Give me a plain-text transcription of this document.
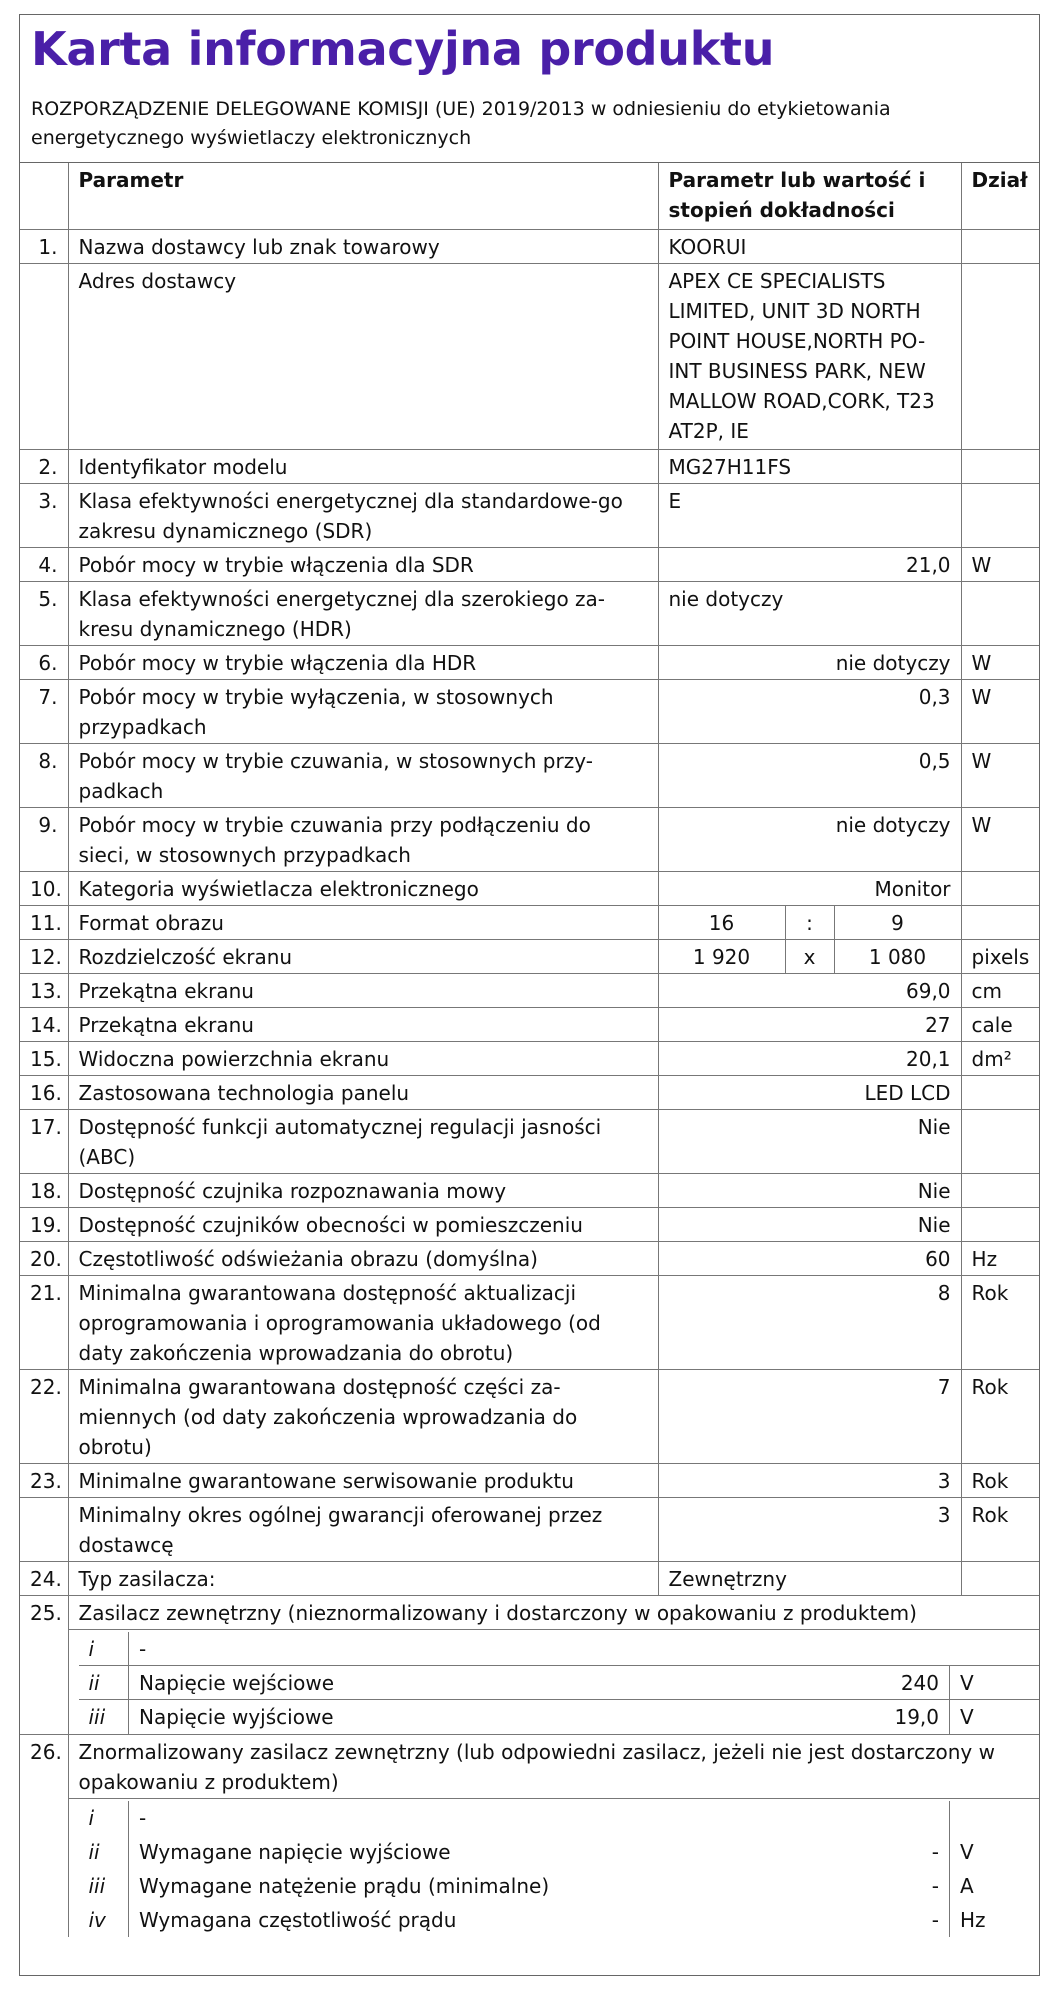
Karta informacyjna produktu
ROZPORZĄDZENIE DELEGOWANE KOMISJI (UE) 2019/2013 w odniesieniu do etykietowania energetycznego wyświetlaczy elektronicznych
	Parametr	Parametr lub wartość i stopień dokładności	Dział
1.	Nazwa dostawcy lub znak towarowy	KOORUI	
	Adres dostawcy	APEX CE SPECIALISTS LIMITED, UNIT 3D NORTH POINT HOUSE,NORTH PO-INT BUSINESS PARK, NEW MALLOW ROAD,CORK, T23 AT2P, IE	
2.	Identyfikator modelu	MG27H11FS	
3.	Klasa efektywności energetycznej dla standardowe-go zakresu dynamicznego (SDR)	E	
4.	Pobór mocy w trybie włączenia dla SDR	21,0	W
5.	Klasa efektywności energetycznej dla szerokiego za-kresu dynamicznego (HDR)	nie dotyczy	
6.	Pobór mocy w trybie włączenia dla HDR	nie dotyczy	W
7.	Pobór mocy w trybie wyłączenia, w stosownych przypadkach	0,3	W
8.	Pobór mocy w trybie czuwania, w stosownych przy-padkach	0,5	W
9.	Pobór mocy w trybie czuwania przy podłączeniu do sieci, w stosownych przypadkach	nie dotyczy	W
10.	Kategoria wyświetlacza elektronicznego	Monitor	
11.	Format obrazu	16	:	9	
12.	Rozdzielczość ekranu	1 920	x	1 080	pixels
13.	Przekątna ekranu	69,0	cm
14.	Przekątna ekranu	27	cale
15.	Widoczna powierzchnia ekranu	20,1	dm²
16.	Zastosowana technologia panelu	LED LCD	
17.	Dostępność funkcji automatycznej regulacji jasności (ABC)	Nie	
18.	Dostępność czujnika rozpoznawania mowy	Nie	
19.	Dostępność czujników obecności w pomieszczeniu	Nie	
20.	Częstotliwość odświeżania obrazu (domyślna)	60	Hz
21.	Minimalna gwarantowana dostępność aktualizacji oprogramowania i oprogramowania układowego (od daty zakończenia wprowadzania do obrotu)	8	Rok
22.	Minimalna gwarantowana dostępność części za-miennych (od daty zakończenia wprowadzania do obrotu)	7	Rok
23.	Minimalne gwarantowane serwisowanie produktu	3	Rok
	Minimalny okres ogólnej gwarancji oferowanej przez dostawcę	3	Rok
24.	Typ zasilacza:	Zewnętrzny	
25.	Zasilacz zewnętrzny (nieznormalizowany i dostarczony w opakowaniu z produktem)

i	-
ii	Napięcie wejściowe	240	V
iii	Napięcie wyjściowe	19,0	V

26.	Znormalizowany zasilacz zewnętrzny (lub odpowiedni zasilacz, jeżeli nie jest dostarczony w opakowaniu z produktem)

i	-	
ii	Wymagane napięcie wyjściowe	-	V
iii	Wymagane natężenie prądu (minimalne)	-	A
iv	Wymagana częstotliwość prądu	-	Hz
